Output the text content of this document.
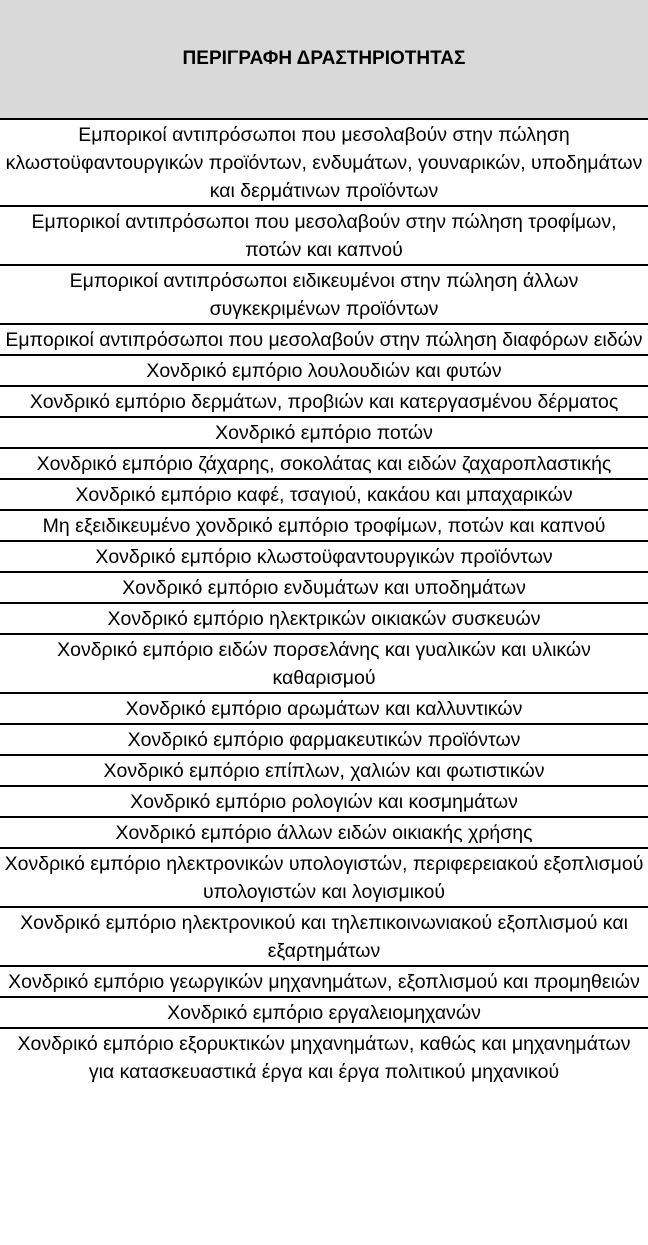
ΠΕΡΙΓΡΑΦΗ ΔΡΑΣΤΗΡΙΟΤΗΤΑΣ
Εμπορικοί αντιπρόσωποι που μεσολαβούν στην πώληση κλωστοϋφαντουργικών προϊόντων, ενδυμάτων, γουναρικών, υποδημάτων και δερμάτινων προϊόντων
Εμπορικοί αντιπρόσωποι που μεσολαβούν στην πώληση τροφίμων, ποτών και καπνού
Εμπορικοί αντιπρόσωποι ειδικευμένοι στην πώληση άλλων συγκεκριμένων προϊόντων
Εμπορικοί αντιπρόσωποι που μεσολαβούν στην πώληση διαφόρων ειδών
Χονδρικό εμπόριο λουλουδιών και φυτών
Χονδρικό εμπόριο δερμάτων, προβιών και κατεργασμένου δέρματος
Χονδρικό εμπόριο ποτών
Χονδρικό εμπόριο ζάχαρης, σοκολάτας και ειδών ζαχαροπλαστικής
Χονδρικό εμπόριο καφέ, τσαγιού, κακάου και μπαχαρικών
Μη εξειδικευμένο χονδρικό εμπόριο τροφίμων, ποτών και καπνού
Χονδρικό εμπόριο κλωστοϋφαντουργικών προϊόντων
Χονδρικό εμπόριο ενδυμάτων και υποδημάτων
Χονδρικό εμπόριο ηλεκτρικών οικιακών συσκευών
Χονδρικό εμπόριο ειδών πορσελάνης και γυαλικών και υλικών καθαρισμού
Χονδρικό εμπόριο αρωμάτων και καλλυντικών
Χονδρικό εμπόριο φαρμακευτικών προϊόντων
Χονδρικό εμπόριο επίπλων, χαλιών και φωτιστικών
Χονδρικό εμπόριο ρολογιών και κοσμημάτων
Χονδρικό εμπόριο άλλων ειδών οικιακής χρήσης
Χονδρικό εμπόριο ηλεκτρονικών υπολογιστών, περιφερειακού εξοπλισμού υπολογιστών και λογισμικού
Χονδρικό εμπόριο ηλεκτρονικού και τηλεπικοινωνιακού εξοπλισμού και εξαρτημάτων
Χονδρικό εμπόριο γεωργικών μηχανημάτων, εξοπλισμού και προμηθειών
Χονδρικό εμπόριο εργαλειομηχανών
Χονδρικό εμπόριο εξορυκτικών μηχανημάτων, καθώς και μηχανημάτων για κατασκευαστικά έργα και έργα πολιτικού μηχανικού
